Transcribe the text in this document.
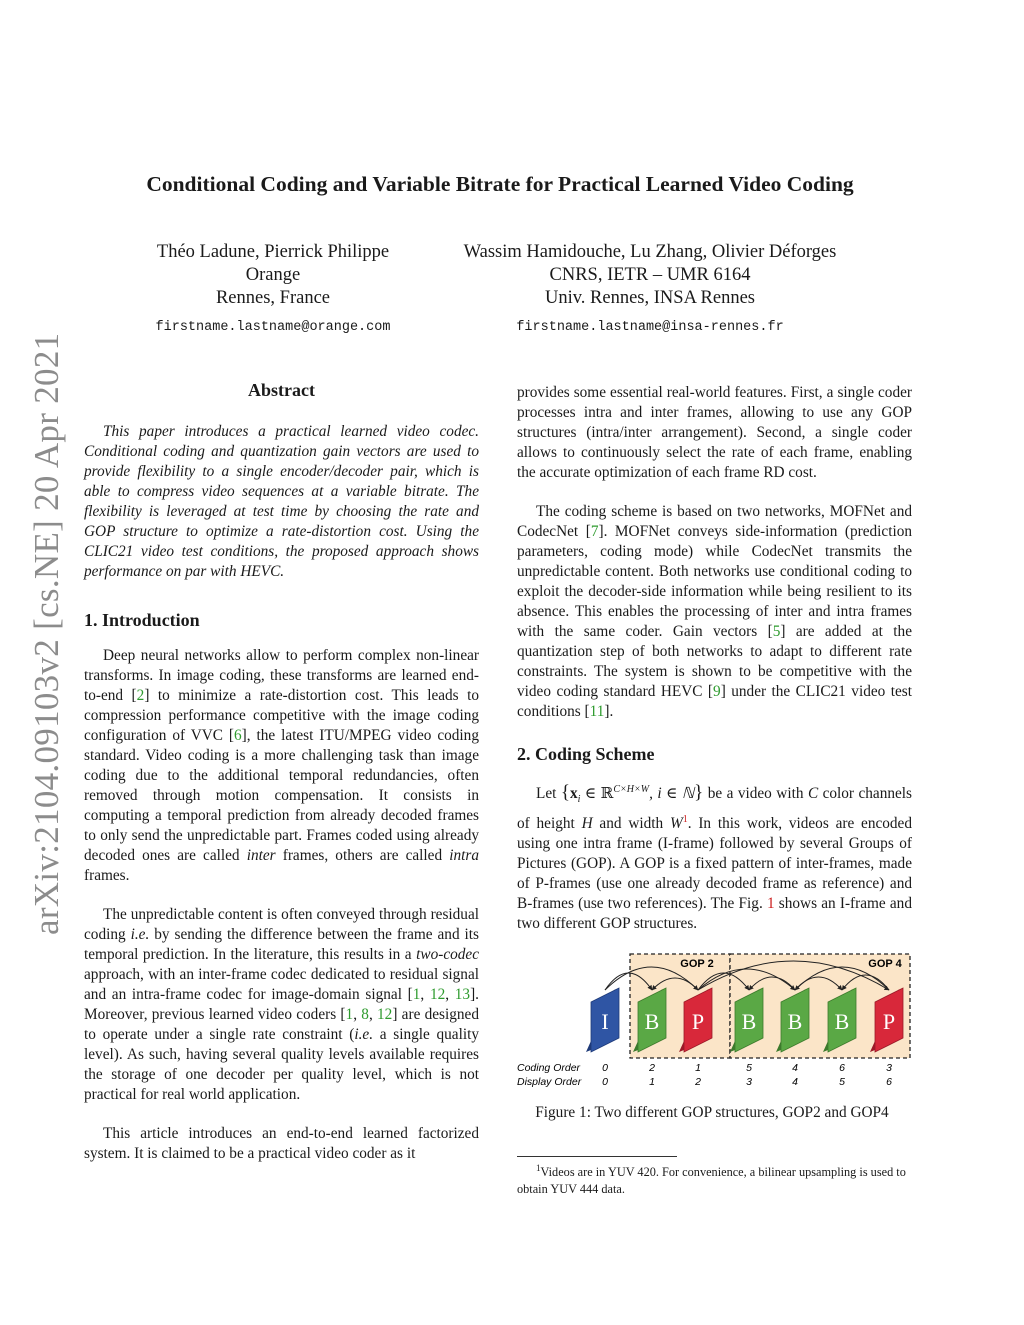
Conditional Coding and Variable Bitrate for Practical Learned Video Coding
Théo Ladune, Pierrick Philippe
Orange
Rennes, France
firstname.lastname@orange.com
Wassim Hamidouche, Lu Zhang, Olivier Déforges
CNRS, IETR – UMR 6164
Univ. Rennes, INSA Rennes
firstname.lastname@insa-rennes.fr
arXiv:2104.09103v2 [cs.NE] 20 Apr 2021	Abstract

This paper introduces a practical learned video codec. Conditional coding and quantization gain vectors are used to provide flexibility to a single encoder/decoder pair, which is able to compress video sequences at a variable bitrate. The flexibility is leveraged at test time by choosing the rate and GOP structure to optimize a rate-distortion cost. Using the CLIC21 video test conditions, the proposed approach shows performance on par with HEVC.

1. Introduction

Deep neural networks allow to perform complex non-linear transforms. In image coding, these transforms are learned end-to-end [2] to minimize a rate-distortion cost. This leads to compression performance competitive with the image coding configuration of VVC [6], the latest ITU/MPEG video coding standard. Video coding is a more challenging task than image coding due to the additional temporal redundancies, often removed through motion compensation. It consists in computing a temporal prediction from already decoded frames to only send the unpredictable part. Frames coded using already decoded ones are called inter frames, others are called intra frames.

The unpredictable content is often conveyed through residual coding i.e. by sending the difference between the frame and its temporal prediction. In the literature, this results in a two-codec approach, with an inter-frame codec dedicated to residual signal and an intra-frame codec for image-domain signal [1, 12, 13]. Moreover, previous learned video coders [1, 8, 12] are designed to operate under a single rate constraint (i.e. a single quality level). As such, having several quality levels available requires the storage of one decoder per quality level, which is not practical for real world application.

This article introduces an end-to-end learned factorized system. It is claimed to be a practical video coder as it

provides some essential real-world features. First, a single coder processes intra and inter frames, allowing to use any GOP structures (intra/inter arrangement). Second, a single coder allows to continuously select the rate of each frame, enabling the accurate optimization of each frame RD cost.

The coding scheme is based on two networks, MOFNet and CodecNet [7]. MOFNet conveys side-information (prediction parameters, coding mode) while CodecNet transmits the unpredictable content. Both networks use conditional coding to exploit the decoder-side information while being resilient to its absence. This enables the processing of inter and intra frames with the same coder. Gain vectors [5] are added at the quantization step of both networks to adapt to different rate constraints. The system is shown to be competitive with the video coding standard HEVC [9] under the CLIC21 video test conditions [11].

2. Coding Scheme

Let {$x_i$ ∈ ℝ$^{C\times H\times W}$, i ∈ ℕ} be a video with C color channels of height H and width W$^1$. In this work, videos are encoded using one intra frame (I-frame) followed by several Groups of Pictures (GOP). A GOP is a fixed pattern of inter-frames, made of P-frames (use one already decoded frame as reference) and B-frames (use two references). The Fig. 1 shows an I-frame and two different GOP structures.

GOP 2	GOP 4
I B P B B B P
Coding Order
Display Order
0
0
2
1
1
2
5
3
4
4
6
5
3
6
Figure 1: Two different GOP structures, GOP2 and GOP4
$^1$Videos are in YUV 420. For convenience, a bilinear upsampling is used to obtain YUV 444 data.
